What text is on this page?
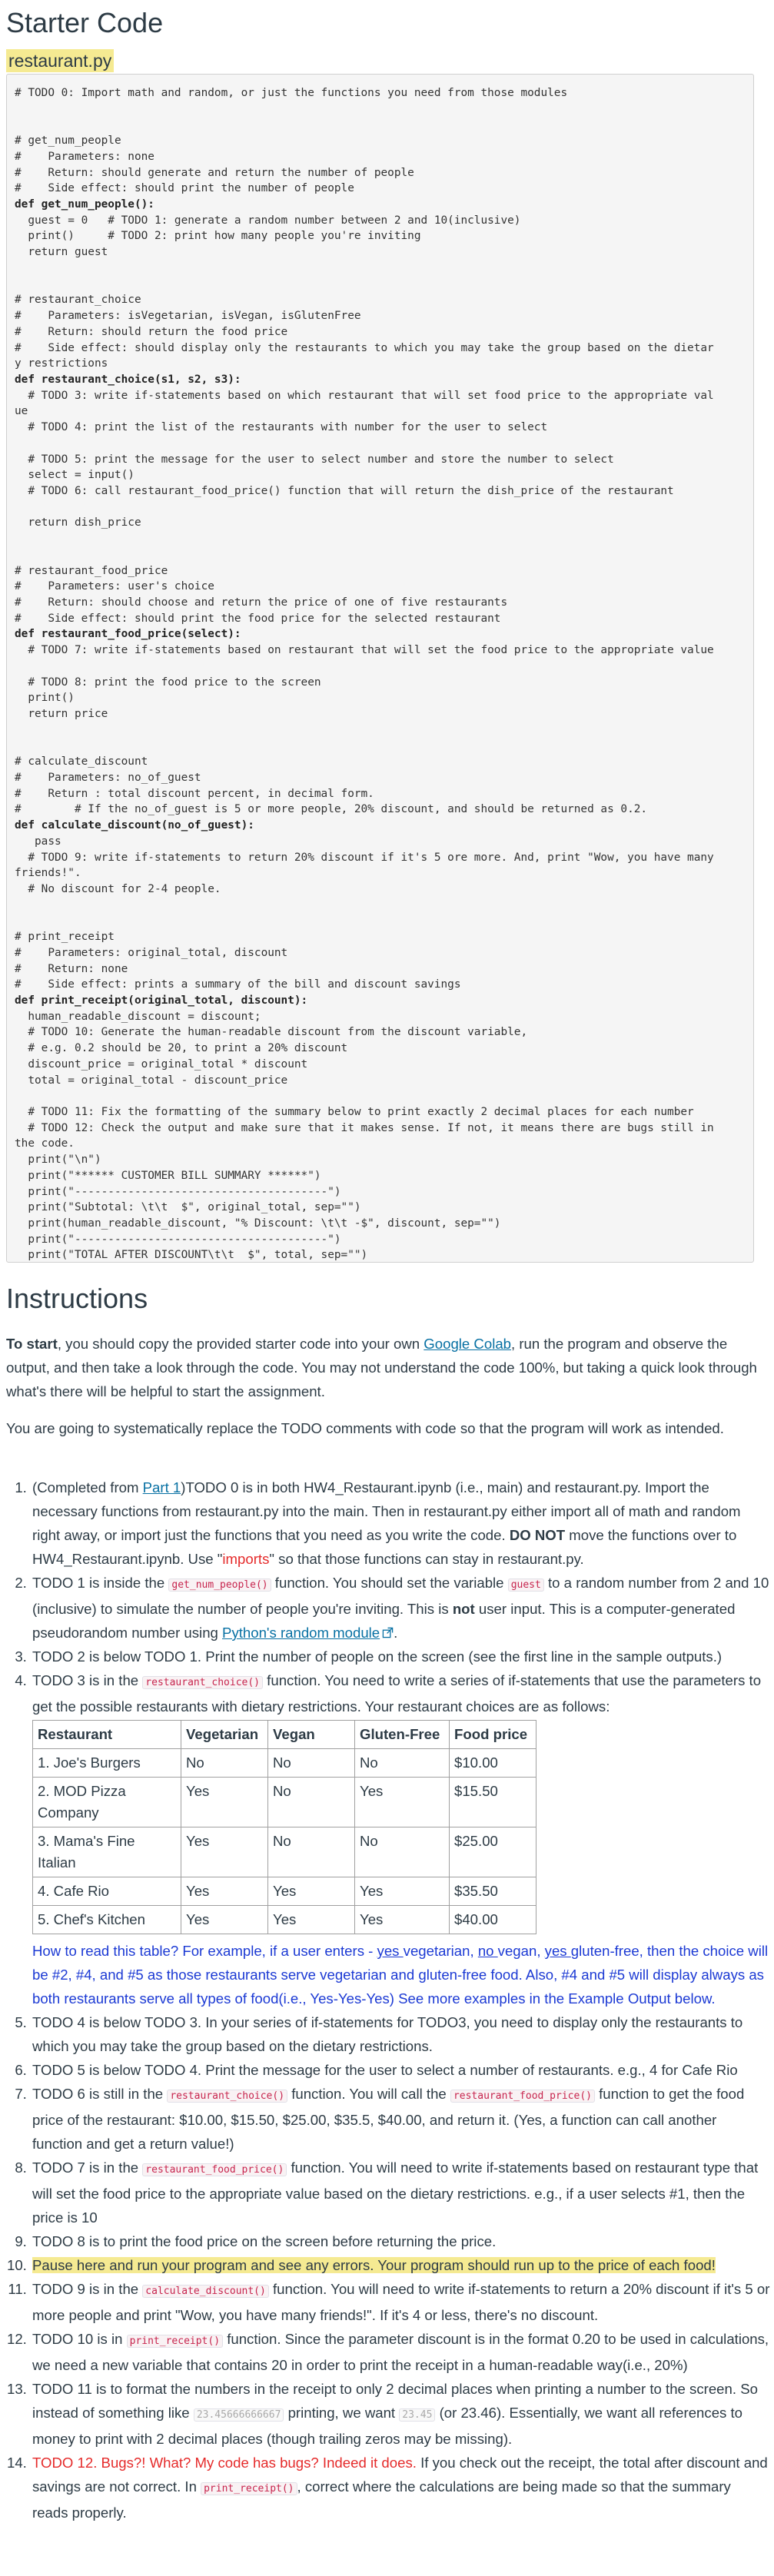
Starter Code
restaurant.py
# TODO 0: Import math and random, or just the functions you need from those modules
# get_num_people
#    Parameters: none
#    Return: should generate and return the number of people
#    Side effect: should print the number of people
def get_num_people():
guest = 0   # TODO 1: generate a random number between 2 and 10(inclusive)
print()     # TODO 2: print how many people you're inviting
return guest
# restaurant_choice
#    Parameters: isVegetarian, isVegan, isGlutenFree
#    Return: should return the food price
#    Side effect: should display only the restaurants to which you may take the group based on the dietar
y restrictions
def restaurant_choice(s1, s2, s3):
# TODO 3: write if-statements based on which restaurant that will set food price to the appropriate val
ue
# TODO 4: print the list of the restaurants with number for the user to select
# TODO 5: print the message for the user to select number and store the number to select
select = input()
# TODO 6: call restaurant_food_price() function that will return the dish_price of the restaurant
return dish_price
# restaurant_food_price
#    Parameters: user's choice
#    Return: should choose and return the price of one of five restaurants
#    Side effect: should print the food price for the selected restaurant
def restaurant_food_price(select):
# TODO 7: write if-statements based on restaurant that will set the food price to the appropriate value
# TODO 8: print the food price to the screen
print()
return price
# calculate_discount
#    Parameters: no_of_guest
#    Return : total discount percent, in decimal form.
#        # If the no_of_guest is 5 or more people, 20% discount, and should be returned as 0.2.
def calculate_discount(no_of_guest):
pass
# TODO 9: write if-statements to return 20% discount if it's 5 ore more. And, print "Wow, you have many
friends!".
# No discount for 2-4 people.
# print_receipt
#    Parameters: original_total, discount
#    Return: none
#    Side effect: prints a summary of the bill and discount savings
def print_receipt(original_total, discount):
human_readable_discount = discount;
# TODO 10: Generate the human-readable discount from the discount variable,
# e.g. 0.2 should be 20, to print a 20% discount
discount_price = original_total * discount
total = original_total - discount_price
# TODO 11: Fix the formatting of the summary below to print exactly 2 decimal places for each number
# TODO 12: Check the output and make sure that it makes sense. If not, it means there are bugs still in
the code.
print("\n")
print("****** CUSTOMER BILL SUMMARY ******")
print("--------------------------------------")
print("Subtotal: \t\t  $", original_total, sep="")
print(human_readable_discount, "% Discount: \t\t -$", discount, sep="")
print("--------------------------------------")
print("TOTAL AFTER DISCOUNT\t\t  $", total, sep="")
Instructions

To start, you should copy the provided starter code into your own Google Colab, run the program and observe the output, and then take a look through the code. You may not understand the code 100%, but taking a quick look through what's there will be helpful to start the assignment.

You are going to systematically replace the TODO comments with code so that the program will work as intended.

1. (Completed from Part 1)TODO 0 is in both HW4_Restaurant.ipynb (i.e., main) and restaurant.py. Import the necessary functions from restaurant.py into the main. Then in restaurant.py either import all of math and random right away, or import just the functions that you need as you write the code. DO NOT move the functions over to HW4_Restaurant.ipynb. Use "imports" so that those functions can stay in restaurant.py.
2. TODO 1 is inside the get_num_people() function. You should set the variable guest to a random number from 2 and 10 (inclusive) to simulate the number of people you're inviting. This is not user input. This is a computer-generated pseudorandom number using Python's random module .
3. TODO 2 is below TODO 1. Print the number of people on the screen (see the first line in the sample outputs.)
4. TODO 3 is in the restaurant_choice() function. You need to write a series of if-statements that use the parameters to get the possible restaurants with dietary restrictions. Your restaurant choices are as follows:
Restaurant	Vegetarian	Vegan	Gluten-Free	Food price
1. Joe's Burgers	No	No	No	$10.00
2. MOD Pizza Company	Yes	No	Yes	$15.50
3. Mama's Fine Italian	Yes	No	No	$25.00
4. Cafe Rio	Yes	Yes	Yes	$35.50
5. Chef's Kitchen	Yes	Yes	Yes	$40.00
How to read this table? For example, if a user enters - yes vegetarian, no vegan, yes gluten-free, then the choice will be #2, #4, and #5 as those restaurants serve vegetarian and gluten-free food. Also, #4 and #5 will display always as both restaurants serve all types of food(i.e., Yes-Yes-Yes) See more examples in the Example Output below.
5. TODO 4 is below TODO 3. In your series of if-statements for TODO3, you need to display only the restaurants to which you may take the group based on the dietary restrictions.
6. TODO 5 is below TODO 4. Print the message for the user to select a number of restaurants. e.g., 4 for Cafe Rio
7. TODO 6 is still in the restaurant_choice() function. You will call the restaurant_food_price() function to get the food price of the restaurant: $10.00, $15.50, $25.00, $35.5, $40.00, and return it. (Yes, a function can call another function and get a return value!)
8. TODO 7 is in the restaurant_food_price() function. You will need to write if-statements based on restaurant type that will set the food price to the appropriate value based on the dietary restrictions. e.g., if a user selects #1, then the price is 10
9. TODO 8 is to print the food price on the screen before returning the price.
10. Pause here and run your program and see any errors. Your program should run up to the price of each food!
11. TODO 9 is in the calculate_discount() function. You will need to write if-statements to return a 20% discount if it's 5 or more people and print "Wow, you have many friends!". If it's 4 or less, there's no discount.
12. TODO 10 is in print_receipt() function. Since the parameter discount is in the format 0.20 to be used in calculations, we need a new variable that contains 20 in order to print the receipt in a human-readable way(i.e., 20%)
13. TODO 11 is to format the numbers in the receipt to only 2 decimal places when printing a number to the screen. So instead of something like 23.45666666667 printing, we want 23.45 (or 23.46). Essentially, we want all references to money to print with 2 decimal places (though trailing zeros may be missing).
14. TODO 12. Bugs?! What? My code has bugs? Indeed it does. If you check out the receipt, the total after discount and savings are not correct. In print_receipt() , correct where the calculations are being made so that the summary reads properly.
